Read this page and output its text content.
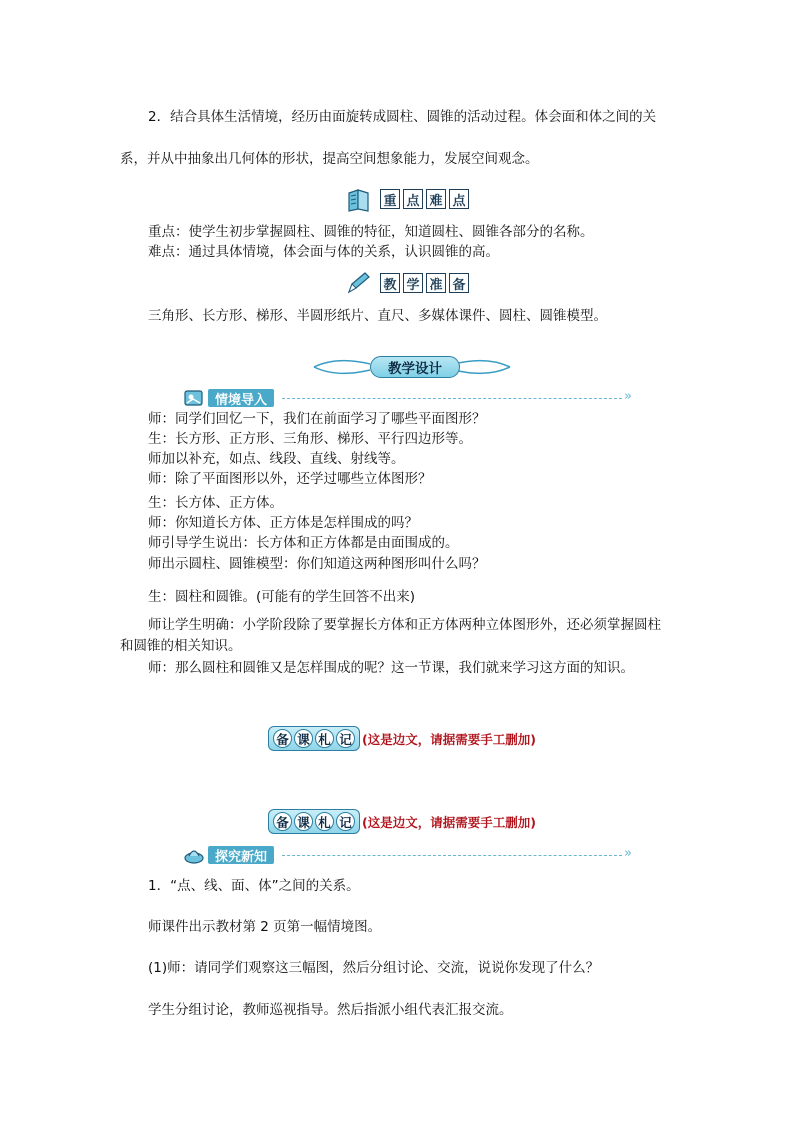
2．结合具体生活情境，经历由面旋转成圆柱、圆锥的活动过程。体会面和体之间的关
系，并从中抽象出几何体的形状，提高空间想象能力，发展空间观念。
重 点 难 点
重点：使学生初步掌握圆柱、圆锥的特征，知道圆柱、圆锥各部分的名称。
难点：通过具体情境，体会面与体的关系，认识圆锥的高。
教 学 准 备
三角形、长方形、梯形、半圆形纸片、直尺、多媒体课件、圆柱、圆锥模型。
教学设计
情境导入	»
师：同学们回忆一下，我们在前面学习了哪些平面图形？
生：长方形、正方形、三角形、梯形、平行四边形等。
师加以补充，如点、线段、直线、射线等。
师：除了平面图形以外，还学过哪些立体图形？
生：长方体、正方体。
师：你知道长方体、正方体是怎样围成的吗？
师引导学生说出：长方体和正方体都是由面围成的。
师出示圆柱、圆锥模型：你们知道这两种图形叫什么吗？
生：圆柱和圆锥。(可能有的学生回答不出来)
师让学生明确：小学阶段除了要掌握长方体和正方体两种立体图形外，还必须掌握圆柱
和圆锥的相关知识。
师：那么圆柱和圆锥又是怎样围成的呢？这一节课，我们就来学习这方面的知识。
备 课 札 记 (这是边文，请据需要手工删加)
备 课 札 记 (这是边文，请据需要手工删加)
探究新知	»
1．“点、线、面、体”之间的关系。
师课件出示教材第 2 页第一幅情境图。
(1)师：请同学们观察这三幅图，然后分组讨论、交流，说说你发现了什么？
学生分组讨论，教师巡视指导。然后指派小组代表汇报交流。
